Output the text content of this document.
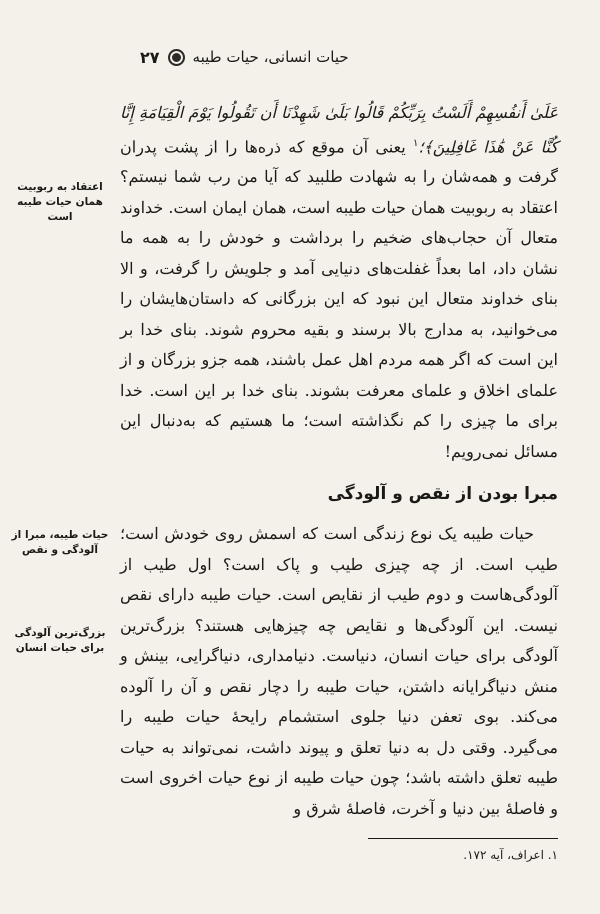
حیات انسانی، حیات طیبه
۲۷
اعتقاد به ربوبیت همان حیات طیبه است
حیات طیبه، مبرا از آلودگی و نقص
بزرگ‌ترین آلودگی برای حیات انسان

عَلَىٰ أَنفُسِهِمْ أَلَسْتُ بِرَبِّكُمْ قَالُوا بَلَىٰ شَهِدْنَا أَن تَقُولُوا يَوْمَ الْقِيَامَةِ إِنَّا كُنَّا عَنْ هَٰذَا غَافِلِينَ﴾؛$^۱$ یعنی آن موقع که ذره‌ها را از پشت پدران گرفت و همه‌شان را به شهادت طلبید که آیا من رب شما نیستم؟ اعتقاد به ربوبیت همان حیات طیبه است، همان ایمان است. خداوند متعال آن حجاب‌های ضخیم را برداشت و خودش را به همه ما نشان داد، اما بعداً غفلت‌های دنیایی آمد و جلویش را گرفت، و الا بنای خداوند متعال این نبود که این بزرگانی که داستان‌هایشان را می‌خوانید، به مدارج بالا برسند و بقیه محروم شوند. بنای خدا بر این است که اگر همه مردم اهل عمل باشند، همه جزو بزرگان و از علمای اخلاق و علمای معرفت بشوند. بنای خدا بر این است. خدا برای ما چیزی را کم نگذاشته است؛ ما هستیم که به‌دنبال این مسائل نمی‌رویم!

مبرا بودن از نقص و آلودگی

حیات طیبه یک نوع زندگی است که اسمش روی خودش است؛ طیب است. از چه چیزی طیب و پاک است؟ اول طیب از آلودگی‌هاست و دوم طیب از نقایص است. حیات طیبه دارای نقص نیست. این آلودگی‌ها و نقایص چه چیزهایی هستند؟ بزرگ‌ترین آلودگی برای حیات انسان، دنیاست. دنیامداری، دنیاگرایی، بینش و منش دنیاگرایانه داشتن، حیات طیبه را دچار نقص و آن را آلوده می‌کند. بوی تعفن دنیا جلوی استشمام رایحهٔ حیات طیبه را می‌گیرد. وقتی دل به دنیا تعلق و پیوند داشت، نمی‌تواند به حیات طیبه تعلق داشته باشد؛ چون حیات طیبه از نوع حیات اخروی است و فاصلهٔ بین دنیا و آخرت، فاصلهٔ شرق و

۱. اعراف، آیه ۱۷۲.
